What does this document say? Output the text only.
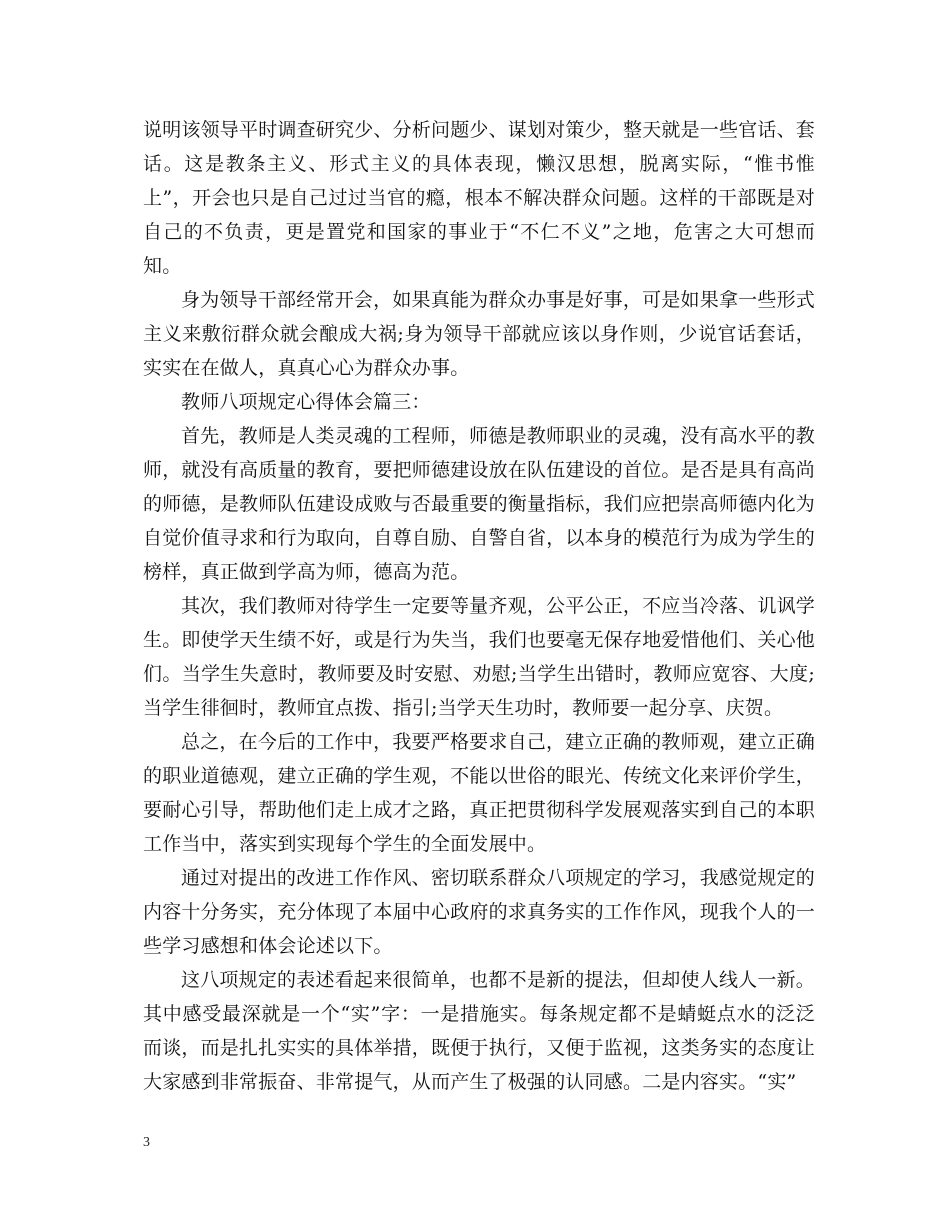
说明该领导平时调查研究少、分析问题少、谋划对策少，整天就是一些官话、套话。这是教条主义、形式主义的具体表现，懒汉思想，脱离实际，“惟书惟上”，开会也只是自己过过当官的瘾，根本不解决群众问题。这样的干部既是对自己的不负责，更是置党和国家的事业于“不仁不义”之地，危害之大可想而知。

身为领导干部经常开会，如果真能为群众办事是好事，可是如果拿一些形式主义来敷衍群众就会酿成大祸;身为领导干部就应该以身作则，少说官话套话，实实在在做人，真真心心为群众办事。

教师八项规定心得体会篇三：

首先，教师是人类灵魂的工程师，师德是教师职业的灵魂，没有高水平的教师，就没有高质量的教育，要把师德建设放在队伍建设的首位。是否是具有高尚的师德，是教师队伍建设成败与否最重要的衡量指标，我们应把崇高师德内化为自觉价值寻求和行为取向，自尊自励、自警自省，以本身的模范行为成为学生的榜样，真正做到学高为师，德高为范。

其次，我们教师对待学生一定要等量齐观，公平公正，不应当冷落、讥讽学生。即使学天生绩不好，或是行为失当，我们也要毫无保存地爱惜他们、关心他们。当学生失意时，教师要及时安慰、劝慰;当学生出错时，教师应宽容、大度;当学生徘徊时，教师宜点拨、指引;当学天生功时，教师要一起分享、庆贺。

总之，在今后的工作中，我要严格要求自己，建立正确的教师观，建立正确的职业道德观，建立正确的学生观，不能以世俗的眼光、传统文化来评价学生，要耐心引导，帮助他们走上成才之路，真正把贯彻科学发展观落实到自己的本职工作当中，落实到实现每个学生的全面发展中。

通过对提出的改进工作作风、密切联系群众八项规定的学习，我感觉规定的内容十分务实，充分体现了本届中心政府的求真务实的工作作风，现我个人的一些学习感想和体会论述以下。

这八项规定的表述看起来很简单，也都不是新的提法，但却使人线人一新。其中感受最深就是一个“实”字：一是措施实。每条规定都不是蜻蜓点水的泛泛而谈，而是扎扎实实的具体举措，既便于执行，又便于监视，这类务实的态度让大家感到非常振奋、非常提气，从而产生了极强的认同感。二是内容实。“实”

3
